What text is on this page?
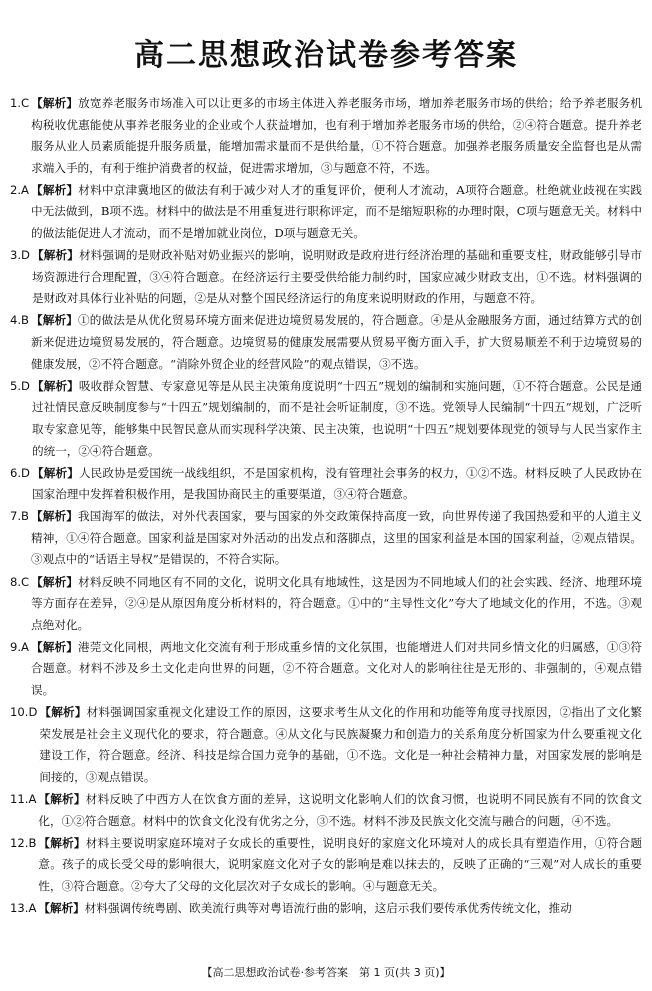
高二思想政治试卷参考答案
1.C 【解析】放宽养老服务市场准入可以让更多的市场主体进入养老服务市场，增加养老服务市场的供给；给予养老服务机构税收优惠能使从事养老服务业的企业或个人获益增加，也有利于增加养老服务市场的供给，②④符合题意。提升养老服务从业人员素质能提升服务质量，能增加需求量而不是供给量，①不符合题意。加强养老服务质量安全监督也是从需求端入手的，有利于维护消费者的权益，促进需求增加，③与题意不符，不选。
2.A 【解析】材料中京津冀地区的做法有利于减少对人才的重复评价，便利人才流动，A项符合题意。杜绝就业歧视在实践中无法做到，B项不选。材料中的做法是不用重复进行职称评定，而不是缩短职称的办理时限，C项与题意无关。材料中的做法能促进人才流动，而不是增加就业岗位，D项与题意无关。
3.D 【解析】材料强调的是财政补贴对奶业振兴的影响，说明财政是政府进行经济治理的基础和重要支柱，财政能够引导市场资源进行合理配置，③④符合题意。在经济运行主要受供给能力制约时，国家应减少财政支出，①不选。材料强调的是财政对具体行业补贴的问题，②是从对整个国民经济运行的角度来说明财政的作用，与题意不符。
4.B 【解析】①的做法是从优化贸易环境方面来促进边境贸易发展的，符合题意。④是从金融服务方面，通过结算方式的创新来促进边境贸易发展的，符合题意。边境贸易的健康发展需要从贸易平衡方面入手，扩大贸易顺差不利于边境贸易的健康发展，②不符合题意。“消除外贸企业的经营风险”的观点错误，③不选。
5.D 【解析】吸收群众智慧、专家意见等是从民主决策角度说明“十四五”规划的编制和实施问题，①不符合题意。公民是通过社情民意反映制度参与“十四五”规划编制的，而不是社会听证制度，③不选。党领导人民编制“十四五”规划，广泛听取专家意见等，能够集中民智民意从而实现科学决策、民主决策，也说明“十四五”规划要体现党的领导与人民当家作主的统一，②④符合题意。
6.D 【解析】人民政协是爱国统一战线组织，不是国家机构，没有管理社会事务的权力，①②不选。材料反映了人民政协在国家治理中发挥着积极作用，是我国协商民主的重要渠道，③④符合题意。
7.B 【解析】我国海军的做法，对外代表国家，要与国家的外交政策保持高度一致，向世界传递了我国热爱和平的人道主义精神，①④符合题意。国家利益是国家对外活动的出发点和落脚点，这里的国家利益是本国的国家利益，②观点错误。③观点中的“话语主导权”是错误的，不符合实际。
8.C 【解析】材料反映不同地区有不同的文化，说明文化具有地域性，这是因为不同地域人们的社会实践、经济、地理环境等方面存在差异，②④是从原因角度分析材料的，符合题意。①中的“主导性文化”夸大了地域文化的作用，不选。③观点绝对化。
9.A 【解析】港莞文化同根，两地文化交流有利于形成重乡情的文化氛围，也能增进人们对共同乡情文化的归属感，①③符合题意。材料不涉及乡土文化走向世界的问题，②不符合题意。文化对人的影响往往是无形的、非强制的，④观点错误。
10.D 【解析】材料强调国家重视文化建设工作的原因，这要求考生从文化的作用和功能等角度寻找原因，②指出了文化繁荣发展是社会主义现代化的要求，符合题意。④从文化与民族凝聚力和创造力的关系角度分析国家为什么要重视文化建设工作，符合题意。经济、科技是综合国力竞争的基础，①不选。文化是一种社会精神力量，对国家发展的影响是间接的，③观点错误。
11.A 【解析】材料反映了中西方人在饮食方面的差异，这说明文化影响人们的饮食习惯，也说明不同民族有不同的饮食文化，①②符合题意。材料中的饮食文化没有优劣之分，③不选。材料不涉及民族文化交流与融合的问题，④不选。
12.B 【解析】材料主要说明家庭环境对子女成长的重要性，说明良好的家庭文化环境对人的成长具有塑造作用，①符合题意。孩子的成长受父母的影响很大，说明家庭文化对子女的影响是难以抹去的，反映了正确的“三观”对人成长的重要性，③符合题意。②夸大了父母的文化层次对子女成长的影响。④与题意无关。
13.A 【解析】材料强调传统粤剧、欧美流行典等对粤语流行曲的影响，这启示我们要传承优秀传统文化，推动
【高二思想政治试卷·参考答案　第 1 页(共 3 页)】
